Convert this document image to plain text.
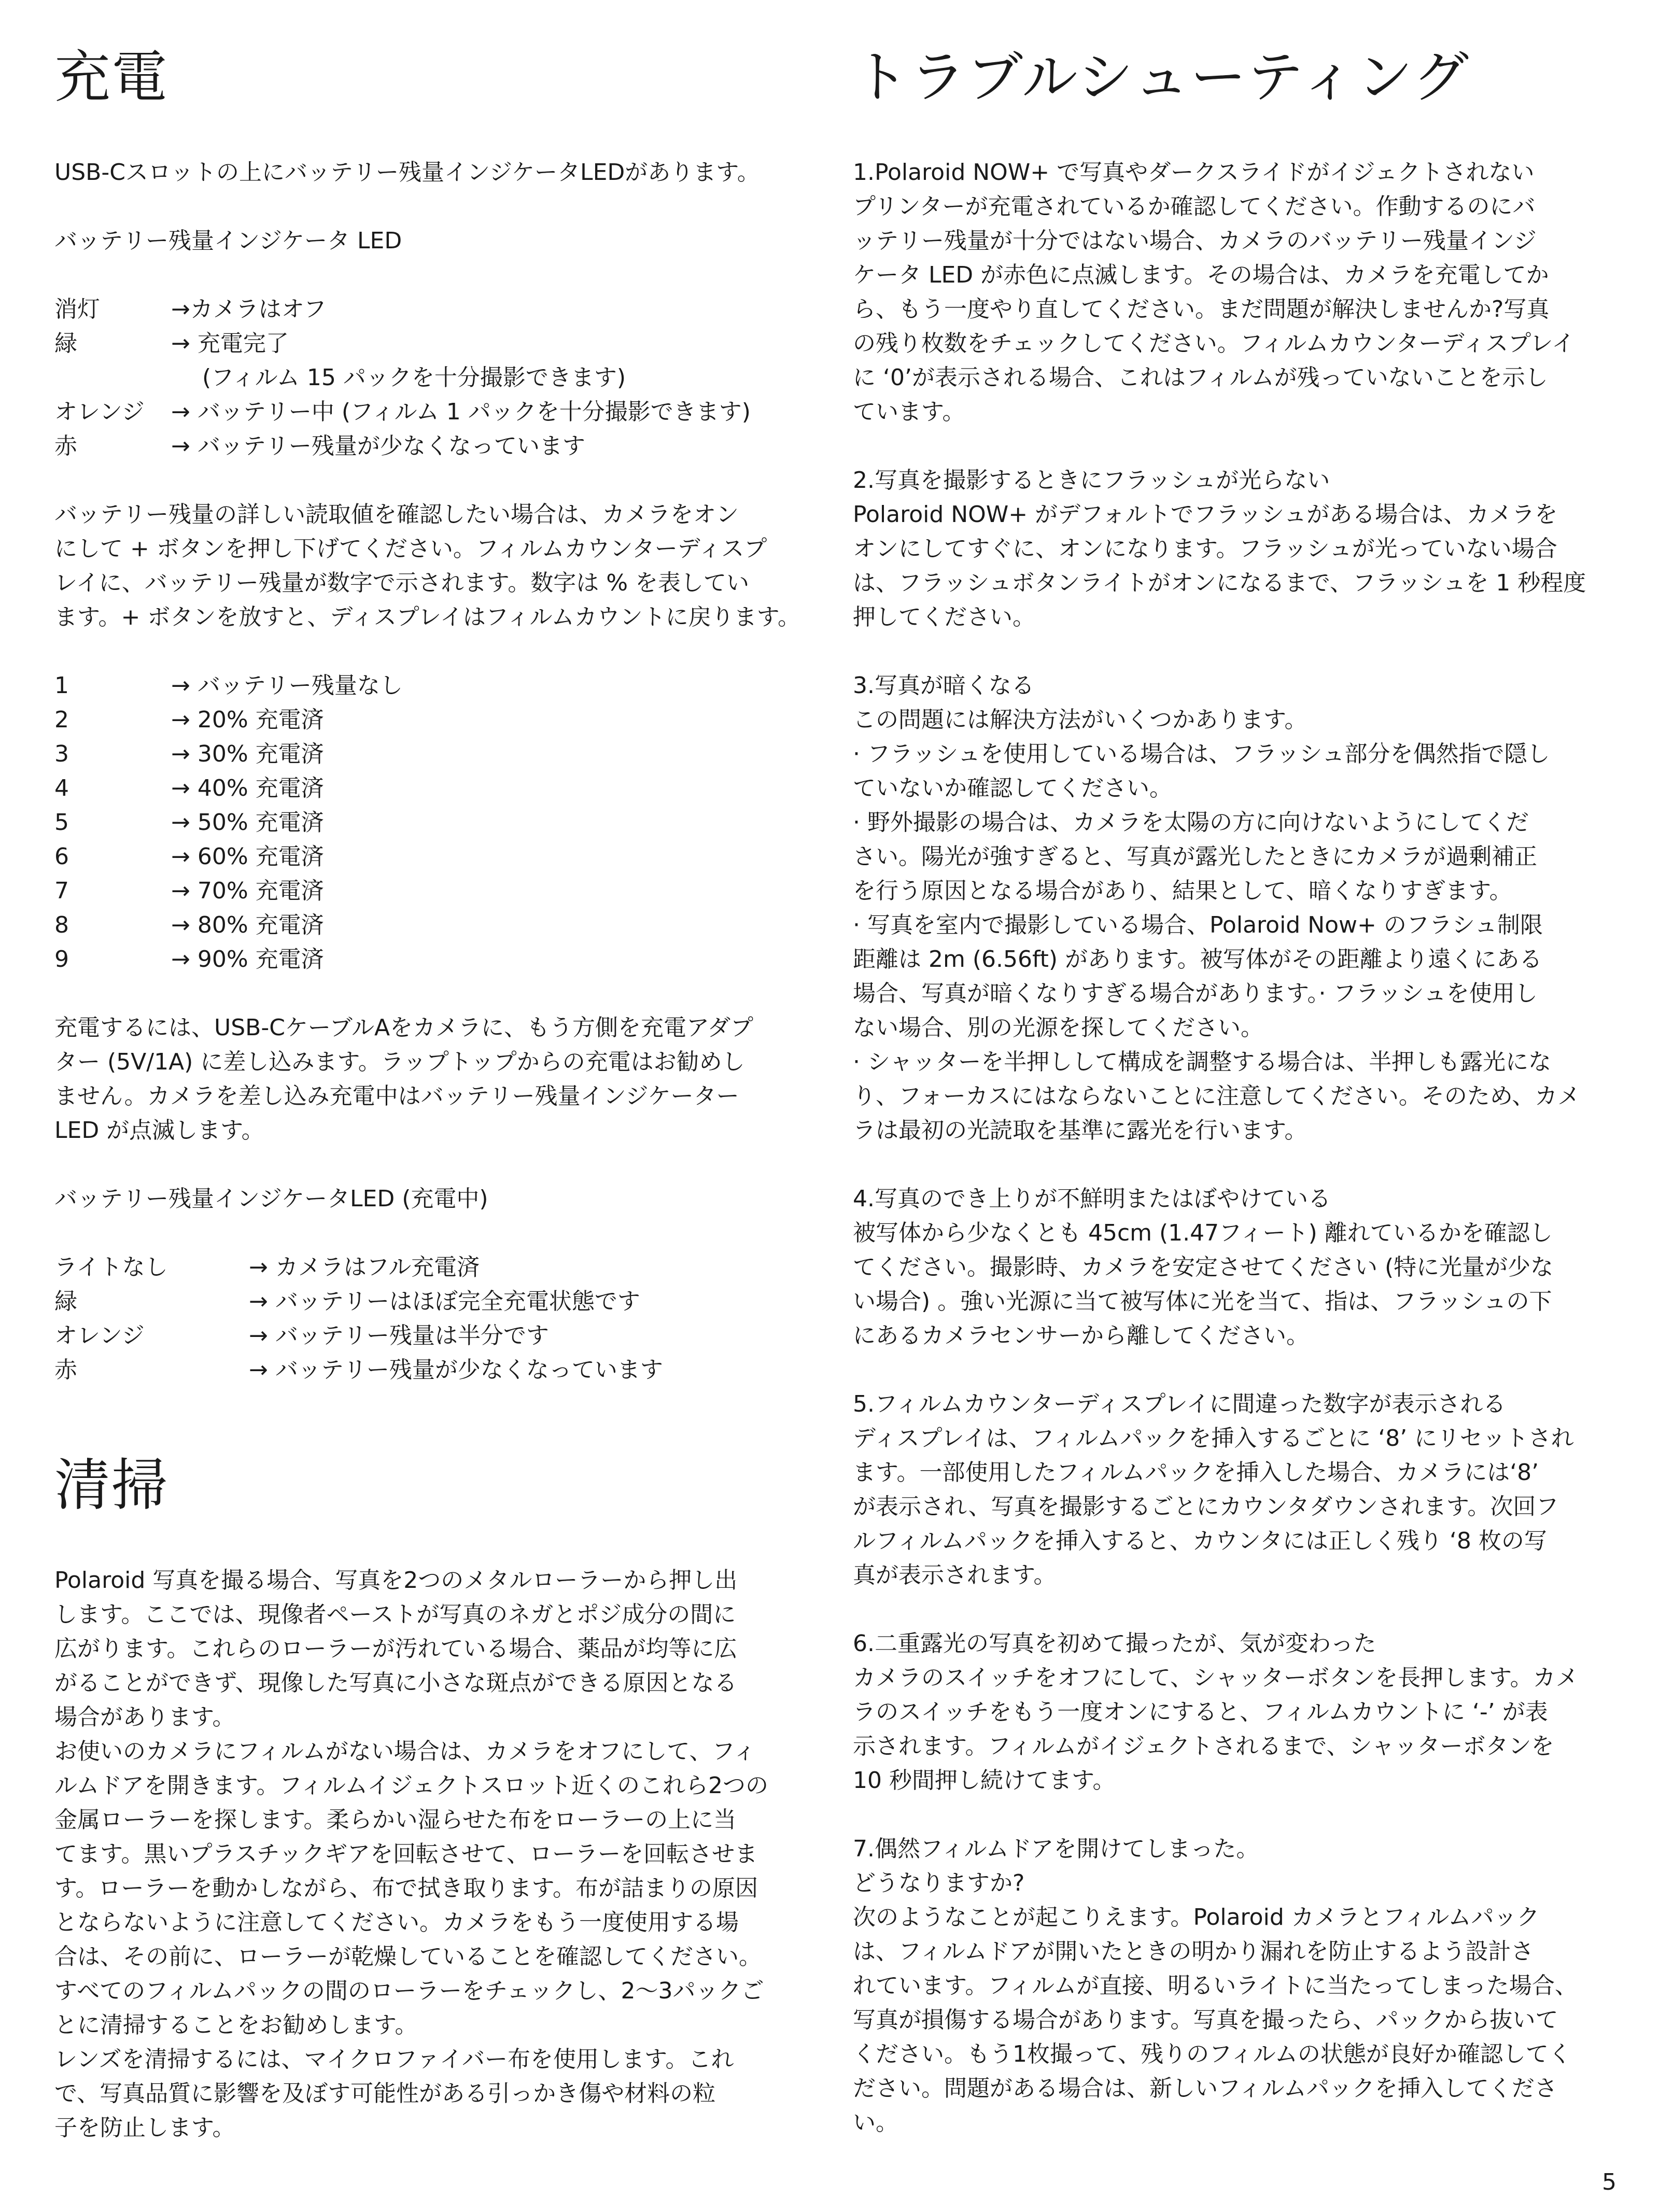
充電

USB-Cスロットの上にバッテリー残量インジケータLEDがあります。

バッテリー残量インジケータ LED

消灯	→カメラはオフ
緑	→ 充電完了
(フィルム 15 パックを十分撮影できます)
オレンジ	→ バッテリー中 (フィルム 1 パックを十分撮影できます)
赤	→ バッテリー残量が少なくなっています

バッテリー残量の詳しい読取値を確認したい場合は、カメラをオン
にして + ボタンを押し下げてください。フィルムカウンターディスプ
レイに、バッテリー残量が数字で示されます。数字は % を表してい
ます。+ ボタンを放すと、ディスプレイはフィルムカウントに戻ります。

1	→ バッテリー残量なし
2	→ 20% 充電済
3	→ 30% 充電済
4	→ 40% 充電済
5	→ 50% 充電済
6	→ 60% 充電済
7	→ 70% 充電済
8	→ 80% 充電済
9	→ 90% 充電済

充電するには、USB-CケーブルAをカメラに、もう方側を充電アダプ
ター (5V/1A) に差し込みます。ラップトップからの充電はお勧めし
ません。カメラを差し込み充電中はバッテリー残量インジケーター
LED が点滅します。

バッテリー残量インジケータLED (充電中)

ライトなし	→ カメラはフル充電済
緑	→ バッテリーはほぼ完全充電状態です
オレンジ	→ バッテリー残量は半分です
赤	→ バッテリー残量が少なくなっています
清掃

Polaroid 写真を撮る場合、写真を2つのメタルローラーから押し出
します。ここでは、現像者ペーストが写真のネガとポジ成分の間に
広がります。これらのローラーが汚れている場合、薬品が均等に広
がることができず、現像した写真に小さな斑点ができる原因となる
場合があります。
お使いのカメラにフィルムがない場合は、カメラをオフにして、フィ
ルムドアを開きます。フィルムイジェクトスロット近くのこれら2つの
金属ローラーを探します。柔らかい湿らせた布をローラーの上に当
てます。黒いプラスチックギアを回転させて、ローラーを回転させま
す。ローラーを動かしながら、布で拭き取ります。布が詰まりの原因
とならないように注意してください。カメラをもう一度使用する場
合は、その前に、ローラーが乾燥していることを確認してください。
すべてのフィルムパックの間のローラーをチェックし、2〜3パックご
とに清掃することをお勧めします。
レンズを清掃するには、マイクロファイバー布を使用します。これ
で、写真品質に影響を及ぼす可能性がある引っかき傷や材料の粒
子を防止します。

トラブルシューティング

1.Polaroid NOW+ で写真やダークスライドがイジェクトされない
プリンターが充電されているか確認してください。作動するのにバ
ッテリー残量が十分ではない場合、カメラのバッテリー残量インジ
ケータ LED が赤色に点滅します。その場合は、カメラを充電してか
ら、もう一度やり直してください。まだ問題が解決しませんか?写真
の残り枚数をチェックしてください。フィルムカウンターディスプレイ
に ‘0’が表示される場合、これはフィルムが残っていないことを示し
ています。

2.写真を撮影するときにフラッシュが光らない
Polaroid NOW+ がデフォルトでフラッシュがある場合は、カメラを
オンにしてすぐに、オンになります。フラッシュが光っていない場合
は、フラッシュボタンライトがオンになるまで、フラッシュを 1 秒程度
押してください。

3.写真が暗くなる
この問題には解決方法がいくつかあります。
· フラッシュを使用している場合は、フラッシュ部分を偶然指で隠し
ていないか確認してください。
· 野外撮影の場合は、カメラを太陽の方に向けないようにしてくだ
さい。陽光が強すぎると、写真が露光したときにカメラが過剰補正
を行う原因となる場合があり、結果として、暗くなりすぎます。
· 写真を室内で撮影している場合、Polaroid Now+ のフラシュ制限
距離は 2m (6.56ft) があります。被写体がその距離より遠くにある
場合、写真が暗くなりすぎる場合があります。· フラッシュを使用し
ない場合、別の光源を探してください。
· シャッターを半押しして構成を調整する場合は、半押しも露光にな
り、フォーカスにはならないことに注意してください。そのため、カメ
ラは最初の光読取を基準に露光を行います。

4.写真のでき上りが不鮮明またはぼやけている
被写体から少なくとも 45cm (1.47フィート) 離れているかを確認し
てください。撮影時、カメラを安定させてください (特に光量が少な
い場合) 。強い光源に当て被写体に光を当て、指は、フラッシュの下
にあるカメラセンサーから離してください。

5.フィルムカウンターディスプレイに間違った数字が表示される
ディスプレイは、フィルムパックを挿入するごとに ‘8’ にリセットされ
ます。一部使用したフィルムパックを挿入した場合、カメラには‘8’
が表示され、写真を撮影するごとにカウンタダウンされます。次回フ
ルフィルムパックを挿入すると、カウンタには正しく残り ‘8 枚の写
真が表示されます。

6.二重露光の写真を初めて撮ったが、気が変わった
カメラのスイッチをオフにして、シャッターボタンを長押します。カメ
ラのスイッチをもう一度オンにすると、フィルムカウントに ‘-’ が表
示されます。フィルムがイジェクトされるまで、シャッターボタンを
10 秒間押し続けてます。

7.偶然フィルムドアを開けてしまった。
どうなりますか?
次のようなことが起こりえます。Polaroid カメラとフィルムパック
は、フィルムドアが開いたときの明かり漏れを防止するよう設計さ
れています。フィルムが直接、明るいライトに当たってしまった場合、
写真が損傷する場合があります。写真を撮ったら、パックから抜いて
ください。もう1枚撮って、残りのフィルムの状態が良好か確認してく
ださい。問題がある場合は、新しいフィルムパックを挿入してくださ
い。

5
